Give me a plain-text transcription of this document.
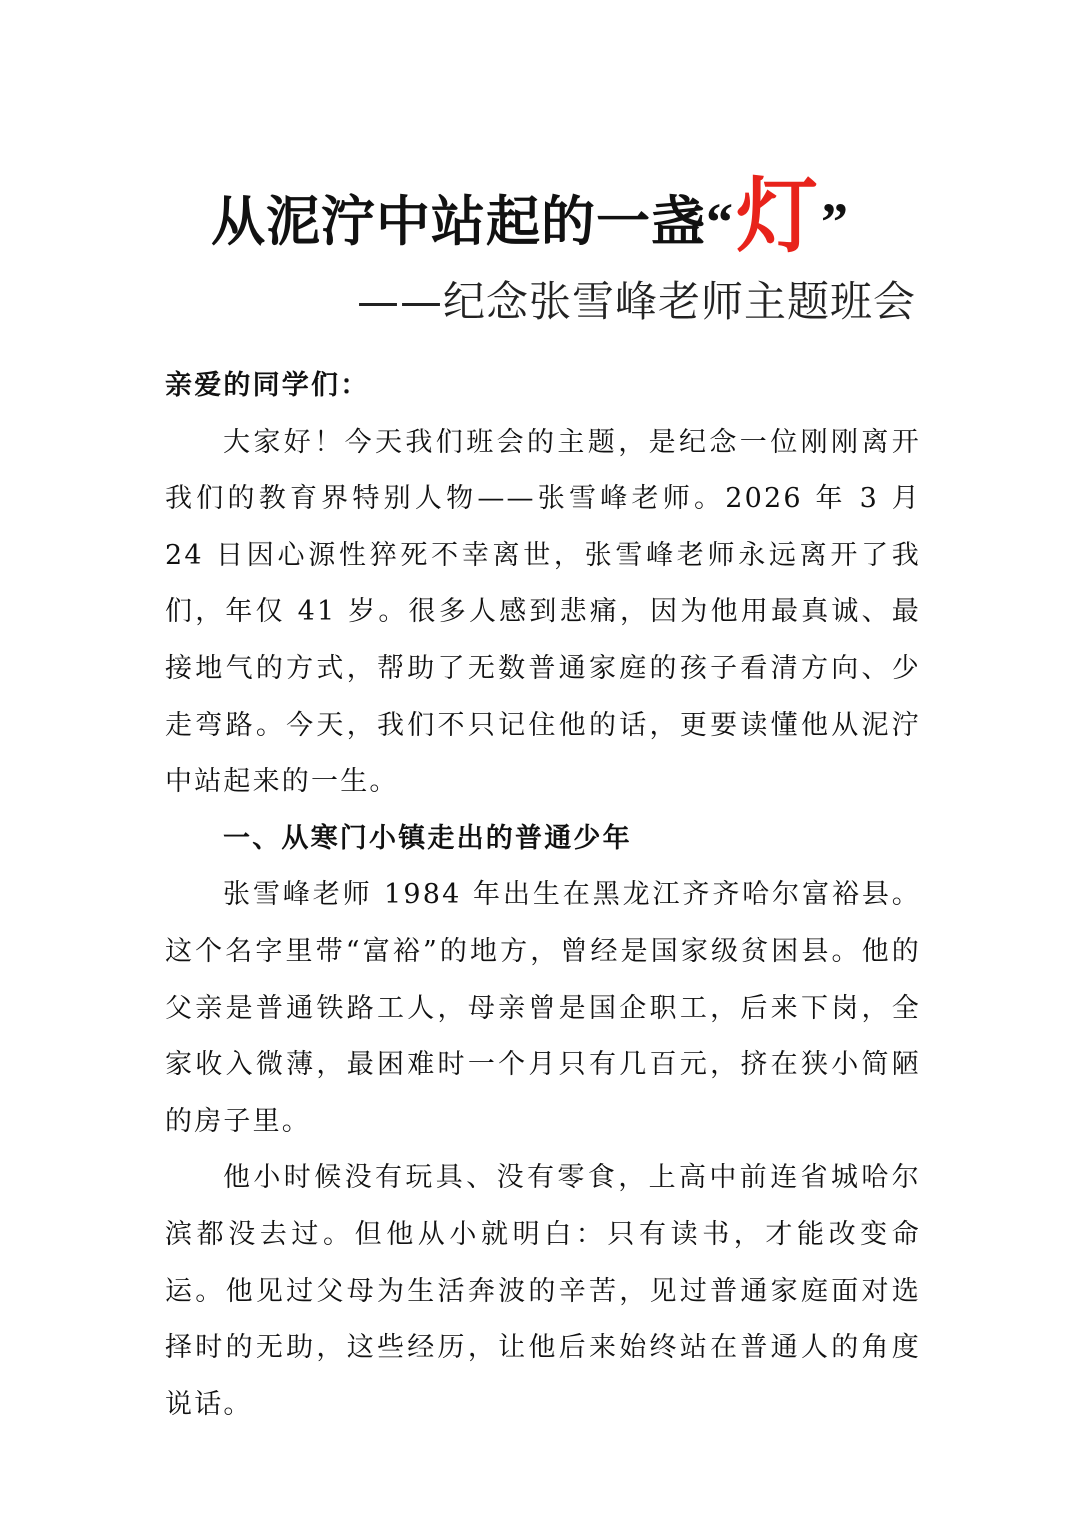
从泥泞中站起的一盏“灯”
——纪念张雪峰老师主题班会

亲爱的同学们：

大家好！今天我们班会的主题，是纪念一位刚刚离开我们的教育界特别人物——张雪峰老师。2026 年 3 月 24 日因心源性猝死不幸离世，张雪峰老师永远离开了我们，年仅 41 岁。很多人感到悲痛，因为他用最真诚、最接地气的方式，帮助了无数普通家庭的孩子看清方向、少走弯路。今天，我们不只记住他的话，更要读懂他从泥泞中站起来的一生。

一、从寒门小镇走出的普通少年

张雪峰老师 1984 年出生在黑龙江齐齐哈尔富裕县。这个名字里带“富裕”的地方，曾经是国家级贫困县。他的父亲是普通铁路工人，母亲曾是国企职工，后来下岗，全家收入微薄，最困难时一个月只有几百元，挤在狭小简陋的房子里。

他小时候没有玩具、没有零食，上高中前连省城哈尔滨都没去过。但他从小就明白：只有读书，才能改变命运。他见过父母为生活奔波的辛苦，见过普通家庭面对选择时的无助，这些经历，让他后来始终站在普通人的角度说话。
